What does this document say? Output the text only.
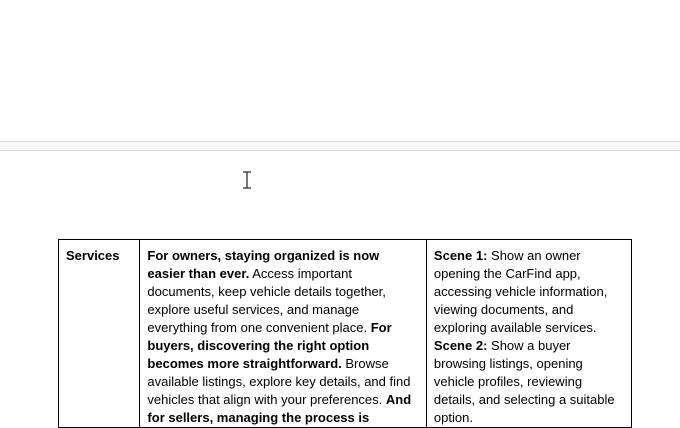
Services	For owners, staying organized is now easier than ever. Access important documents, keep vehicle details together, explore useful services, and manage everything from one convenient place. For buyers, discovering the right option becomes more straightforward. Browse available listings, explore key details, and find vehicles that align with your preferences. And for sellers, managing the process is	Scene 1: Show an owner opening the CarFind app, accessing vehicle information, viewing documents, and exploring available services.
Scene 2: Show a buyer browsing listings, opening vehicle profiles, reviewing details, and selecting a suitable option.
